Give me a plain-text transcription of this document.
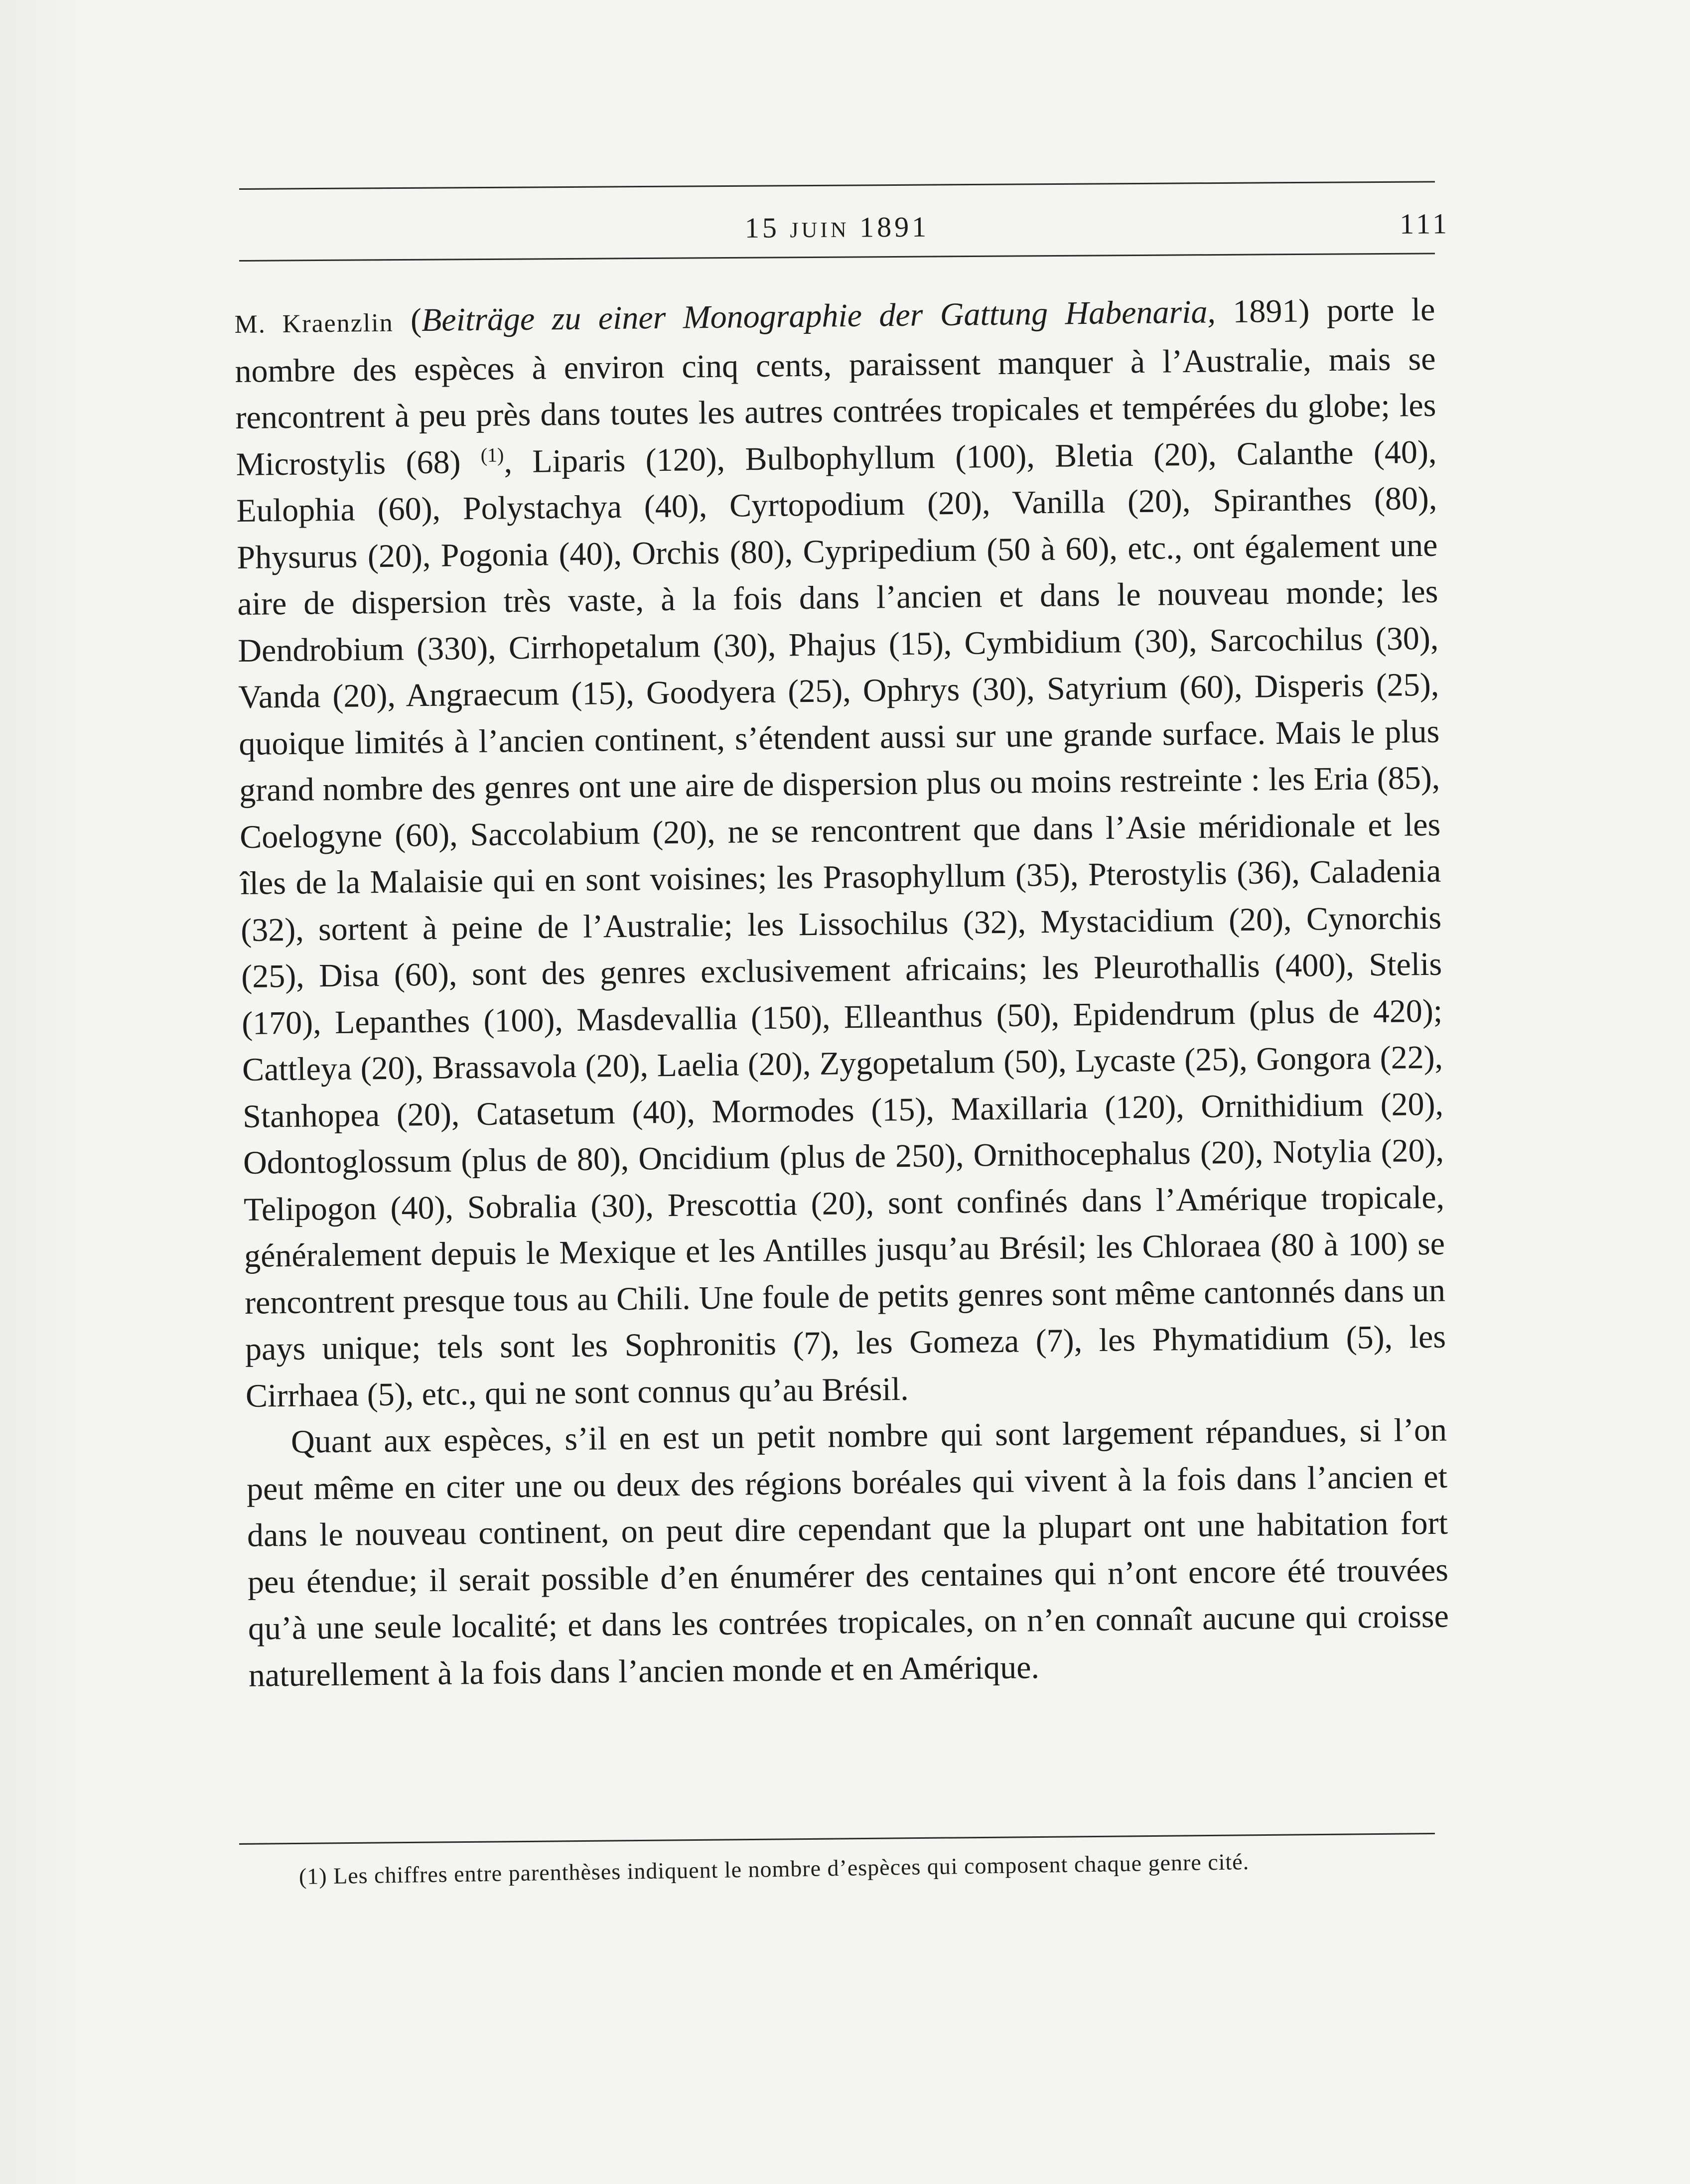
15 JUIN 1891	111

M. Kraenzlin (Beiträge zu einer Monographie der Gattung Habenaria, 1891) porte le nombre des espèces à environ cinq cents, paraissent manquer à l’Australie, mais se rencontrent à peu près dans toutes les autres contrées tropicales et tempérées du globe; les Microstylis (68) $^{(1)}$, Liparis (120), Bulbophyllum (100), Bletia (20), Calanthe (40), Eulophia (60), Polystachya (40), Cyrtopodium (20), Vanilla (20), Spiranthes (80), Physurus (20), Pogonia (40), Orchis (80), Cypripedium (50 à 60), etc., ont également une aire de dispersion très vaste, à la fois dans l’ancien et dans le nouveau monde; les Dendrobium (330), Cirrhopetalum (30), Phajus (15), Cymbidium (30), Sarcochilus (30), Vanda (20), Angraecum (15), Goodyera (25), Ophrys (30), Satyrium (60), Disperis (25), quoique limités à l’ancien continent, s’étendent aussi sur une grande surface. Mais le plus grand nombre des genres ont une aire de dispersion plus ou moins restreinte : les Eria (85), Coelogyne (60), Saccolabium (20), ne se rencontrent que dans l’Asie méridionale et les îles de la Malaisie qui en sont voisines; les Prasophyllum (35), Pterostylis (36), Caladenia (32), sortent à peine de l’Australie; les Lissochilus (32), Mystacidium (20), Cynorchis (25), Disa (60), sont des genres exclusivement africains; les Pleurothallis (400), Stelis (170), Lepanthes (100), Masdevallia (150), Elleanthus (50), Epidendrum (plus de 420); Cattleya (20), Brassavola (20), Laelia (20), Zygopetalum (50), Lycaste (25), Gongora (22), Stanhopea (20), Catasetum (40), Mormodes (15), Maxillaria (120), Ornithidium (20), Odontoglossum (plus de 80), Oncidium (plus de 250), Ornithocephalus (20), Notylia (20), Telipogon (40), Sobralia (30), Prescottia (20), sont confinés dans l’Amérique tropicale, généralement depuis le Mexique et les Antilles jusqu’au Brésil; les Chloraea (80 à 100) se rencontrent presque tous au Chili. Une foule de petits genres sont même cantonnés dans un pays unique; tels sont les Sophronitis (7), les Gomeza (7), les Phymatidium (5), les Cirrhaea (5), etc., qui ne sont connus qu’au Brésil.

Quant aux espèces, s’il en est un petit nombre qui sont largement répandues, si l’on peut même en citer une ou deux des régions boréales qui vivent à la fois dans l’ancien et dans le nouveau continent, on peut dire cependant que la plupart ont une habitation fort peu étendue; il serait possible d’en énumérer des centaines qui n’ont encore été trouvées qu’à une seule localité; et dans les contrées tropicales, on n’en connaît aucune qui croisse naturellement à la fois dans l’ancien monde et en Amérique.

(1) Les chiffres entre parenthèses indiquent le nombre d’espèces qui composent chaque genre cité.
